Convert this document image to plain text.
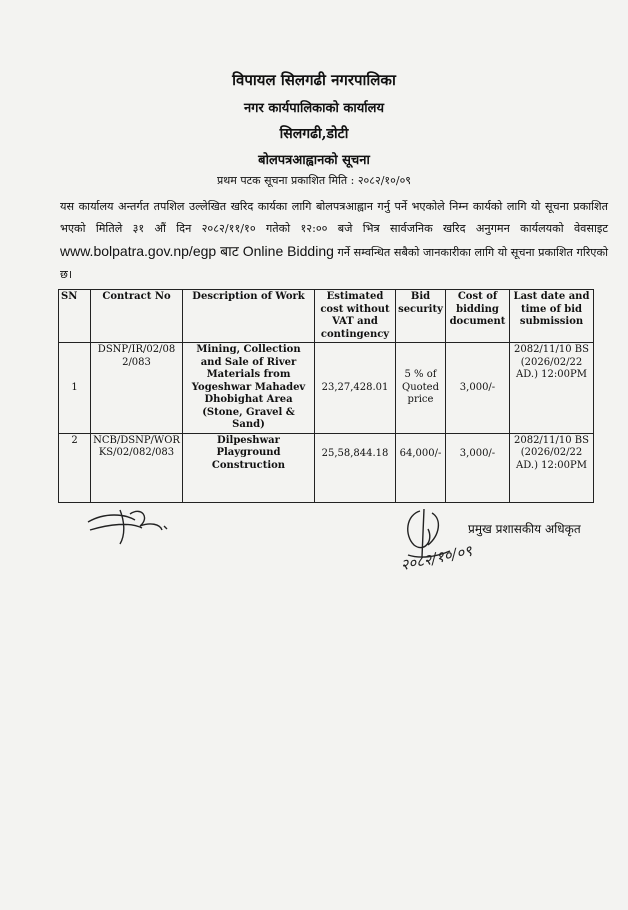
विपायल सिलगढी नगरपालिका
नगर कार्यपालिकाको कार्यालय
सिलगढी,डोटी
बोलपत्रआह्वानको सूचना
प्रथम पटक सूचना प्रकाशित मिति : २०८२/१०/०९
यस कार्यालय अन्तर्गत तपशिल उल्लेखित खरिद कार्यका लागि बोलपत्रआह्वान गर्नु पर्ने भएकोले निम्न कार्यको लागि यो सूचना प्रकाशित भएको मितिले ३१ औं दिन २०८२/११/१० गतेको १२:०० बजे भित्र सार्वजनिक खरिद अनुगमन कार्यलयको वेवसाइट www.bolpatra.gov.np/egp बाट Online Bidding गर्ने सम्वन्धित सबैको जानकारीका लागि यो सूचना प्रकाशित गरिएको छ।
SN	Contract No	Description of Work	Estimated cost without VAT and contingency	Bid security	Cost of bidding document	Last date and time of bid submission
1	DSNP/IR/02/082/083	Mining, Collection and Sale of River Materials from Yogeshwar Mahadev Dhobighat Area (Stone, Gravel & Sand)	23,27,428.01	5 % of Quoted price	3,000/-	2082/11/10 BS (2026/02/22 AD.) 12:00PM
2	NCB/DSNP/WORKS/02/082/083	Dilpeshwar Playground Construction	25,58,844.18	64,000/-	3,000/-	2082/11/10 BS (2026/02/22 AD.) 12:00PM
प्रमुख प्रशासकीय अधिकृत
२०८२/१०/०९
